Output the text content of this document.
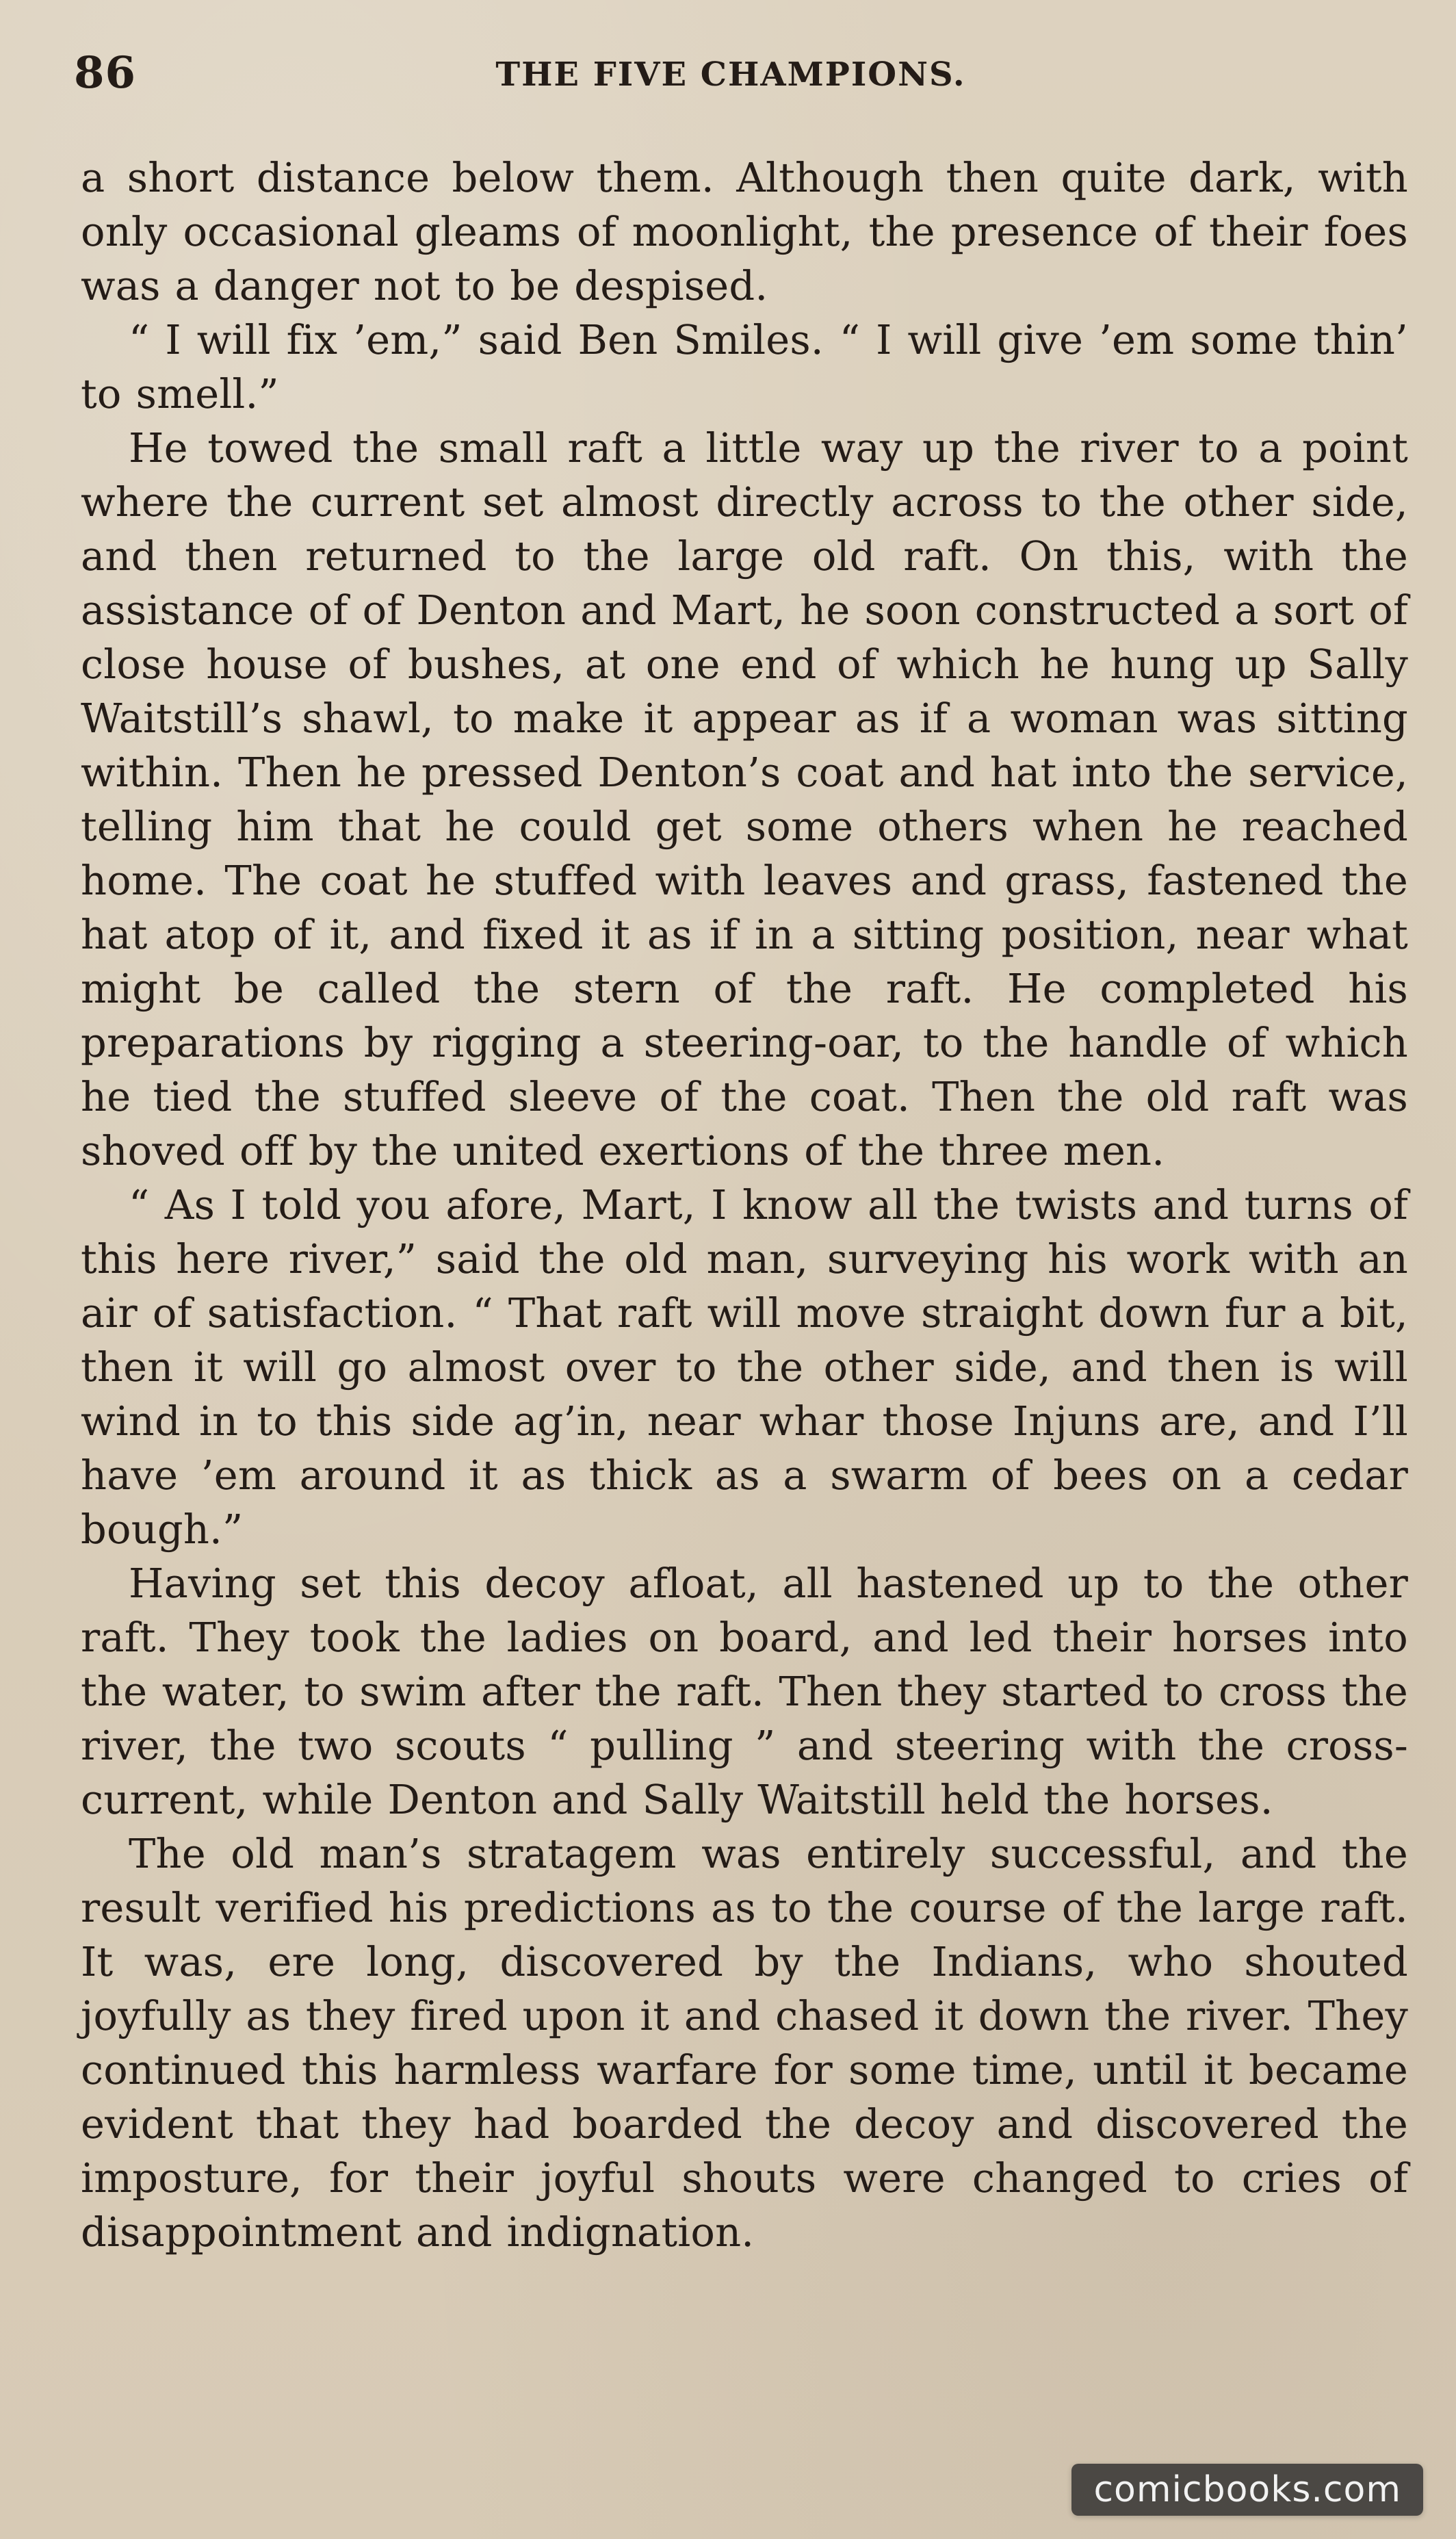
86	THE FIVE CHAMPIONS.

a short distance below them. Although then quite dark, with only occasional gleams of moonlight, the presence of their foes was a danger not to be despised.

“ I will fix ’em,” said Ben Smiles. “ I will give ’em some thin’ to smell.”

He towed the small raft a little way up the river to a point where the current set almost directly across to the other side, and then returned to the large old raft. On this, with the assistance of of Denton and Mart, he soon constructed a sort of close house of bushes, at one end of which he hung up Sally Waitstill’s shawl, to make it appear as if a woman was sitting within. Then he pressed Denton’s coat and hat into the service, telling him that he could get some others when he reached home. The coat he stuffed with leaves and grass, fastened the hat atop of it, and fixed it as if in a sitting position, near what might be called the stern of the raft. He completed his preparations by rigging a steering-oar, to the handle of which he tied the stuffed sleeve of the coat. Then the old raft was shoved off by the united exertions of the three men.

“ As I told you afore, Mart, I know all the twists and turns of this here river,” said the old man, surveying his work with an air of satisfaction. “ That raft will move straight down fur a bit, then it will go almost over to the other side, and then is will wind in to this side ag’in, near whar those Injuns are, and I’ll have ’em around it as thick as a swarm of bees on a cedar bough.”

Having set this decoy afloat, all hastened up to the other raft. They took the ladies on board, and led their horses into the water, to swim after the raft. Then they started to cross the river, the two scouts “ pulling ” and steering with the cross-current, while Denton and Sally Waitstill held the horses.

The old man’s stratagem was entirely successful, and the result verified his predictions as to the course of the large raft. It was, ere long, discovered by the Indians, who shouted joyfully as they fired upon it and chased it down the river. They continued this harmless warfare for some time, until it became evident that they had boarded the decoy and discovered the imposture, for their joyful shouts were changed to cries of disappointment and indignation.

comicbooks.com
